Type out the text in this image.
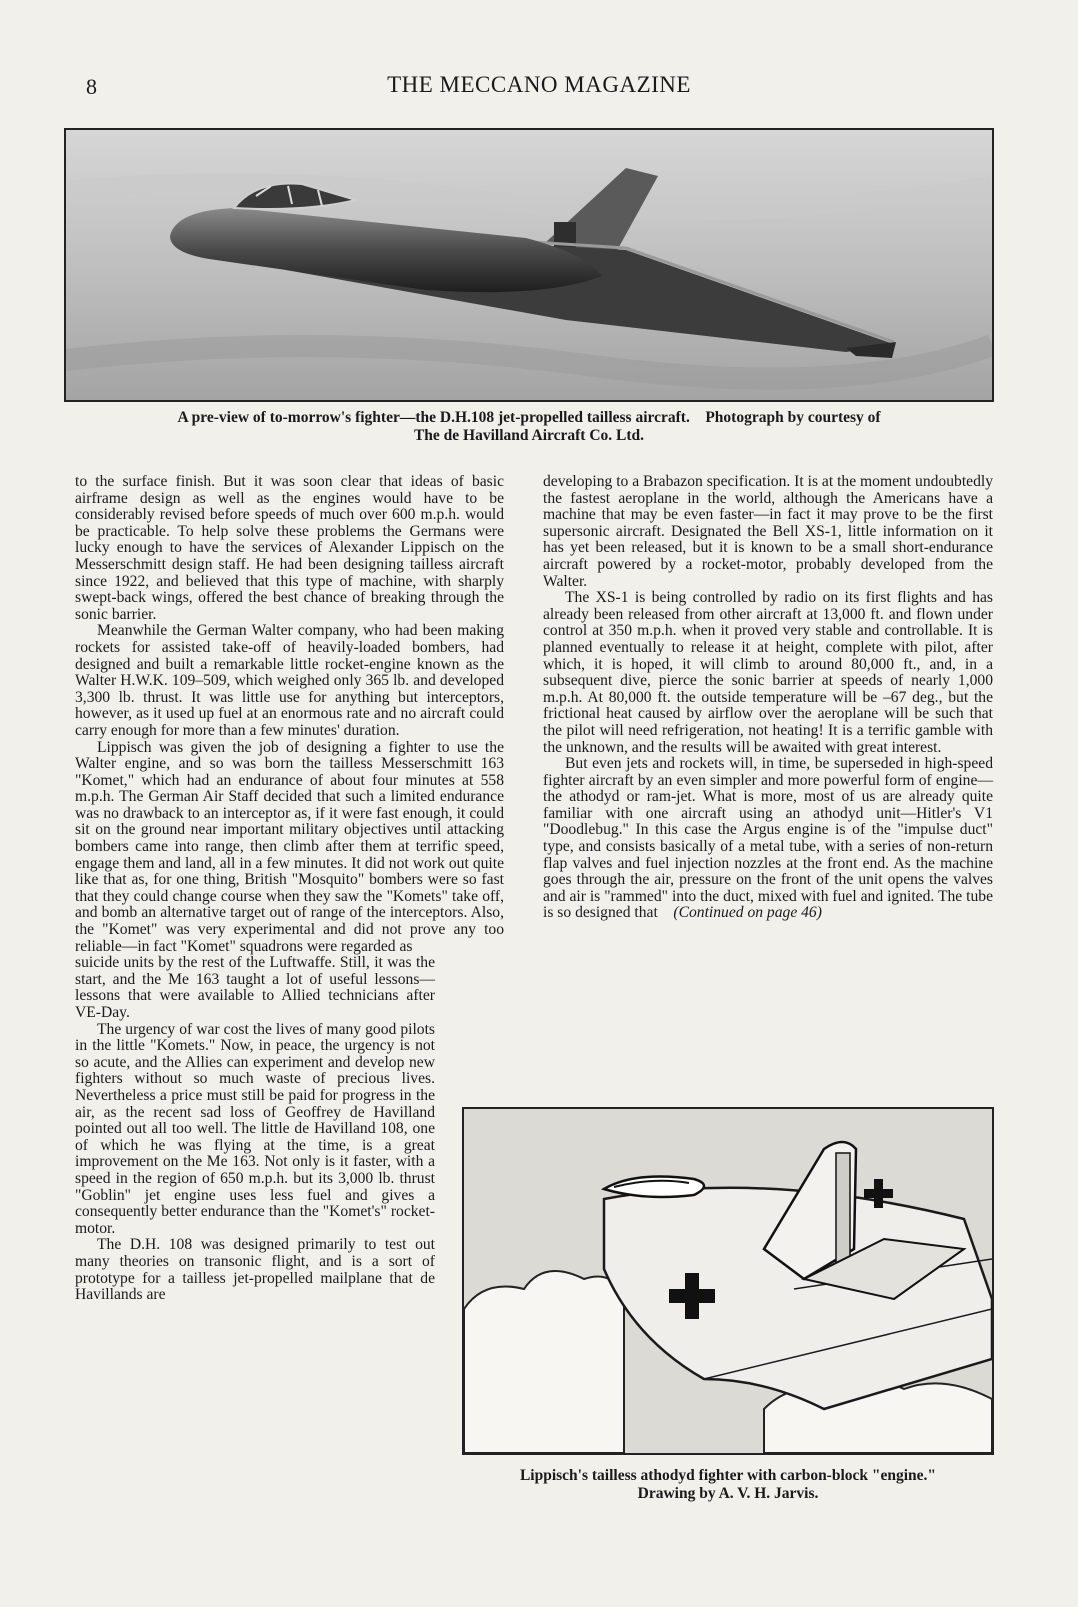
8	THE MECCANO MAGAZINE
A pre-view of to-morrow's fighter—the D.H.108 jet-propelled tailless aircraft.    Photograph by courtesy of
The de Havilland Aircraft Co. Ltd.

to the surface finish. But it was soon clear that ideas of basic airframe design as well as the engines would have to be considerably revised before speeds of much over 600 m.p.h. would be practicable. To help solve these problems the Germans were lucky enough to have the services of Alexander Lippisch on the Messerschmitt design staff. He had been designing tailless aircraft since 1922, and believed that this type of machine, with sharply swept-back wings, offered the best chance of breaking through the sonic barrier.

Meanwhile the German Walter company, who had been making rockets for assisted take-off of heavily-loaded bombers, had designed and built a remarkable little rocket-engine known as the Walter H.W.K. 109–509, which weighed only 365 lb. and developed 3,300 lb. thrust. It was little use for anything but interceptors, however, as it used up fuel at an enormous rate and no aircraft could carry enough for more than a few minutes' duration.

Lippisch was given the job of designing a fighter to use the Walter engine, and so was born the tailless Messerschmitt 163 "Komet," which had an endurance of about four minutes at 558 m.p.h. The German Air Staff decided that such a limited endurance was no drawback to an interceptor as, if it were fast enough, it could sit on the ground near important military objectives until attacking bombers came into range, then climb after them at terrific speed, engage them and land, all in a few minutes. It did not work out quite like that as, for one thing, British "Mosquito" bombers were so fast that they could change course when they saw the "Komets" take off, and bomb an alternative target out of range of the interceptors. Also, the "Komet" was very experimental and did not prove any too reliable—in fact "Komet" squadrons were regarded as

suicide units by the rest of the Luftwaffe. Still, it was the start, and the Me 163 taught a lot of useful lessons—lessons that were available to Allied technicians after VE-Day.

The urgency of war cost the lives of many good pilots in the little "Komets." Now, in peace, the urgency is not so acute, and the Allies can experiment and develop new fighters without so much waste of precious lives. Nevertheless a price must still be paid for progress in the air, as the recent sad loss of Geoffrey de Havilland pointed out all too well. The little de Havilland 108, one of which he was flying at the time, is a great improvement on the Me 163. Not only is it faster, with a speed in the region of 650 m.p.h. but its 3,000 lb. thrust "Goblin" jet engine uses less fuel and gives a consequently better endurance than the "Komet's" rocket-motor.

The D.H. 108 was designed primarily to test out many theories on transonic flight, and is a sort of prototype for a tailless jet-propelled mailplane that de Havillands are

developing to a Brabazon specification. It is at the moment undoubtedly the fastest aeroplane in the world, although the Americans have a machine that may be even faster—in fact it may prove to be the first supersonic aircraft. Designated the Bell XS-1, little information on it has yet been released, but it is known to be a small short-endurance aircraft powered by a rocket-motor, probably developed from the Walter.

The XS-1 is being controlled by radio on its first flights and has already been released from other aircraft at 13,000 ft. and flown under control at 350 m.p.h. when it proved very stable and controllable. It is planned eventually to release it at height, complete with pilot, after which, it is hoped, it will climb to around 80,000 ft., and, in a subsequent dive, pierce the sonic barrier at speeds of nearly 1,000 m.p.h. At 80,000 ft. the outside temperature will be –67 deg., but the frictional heat caused by airflow over the aeroplane will be such that the pilot will need refrigeration, not heating! It is a terrific gamble with the unknown, and the results will be awaited with great interest.

But even jets and rockets will, in time, be superseded in high-speed fighter aircraft by an even simpler and more powerful form of engine—the athodyd or ram-jet. What is more, most of us are already quite familiar with one aircraft using an athodyd unit—Hitler's V1 "Doodlebug." In this case the Argus engine is of the "impulse duct" type, and consists basically of a metal tube, with a series of non-return flap valves and fuel injection nozzles at the front end. As the machine goes through the air, pressure on the front of the unit opens the valves and air is "rammed" into the duct, mixed with fuel and ignited. The tube is so designed that (Continued on page 46)

Lippisch's tailless athodyd fighter with carbon-block "engine."
Drawing by A. V. H. Jarvis.
